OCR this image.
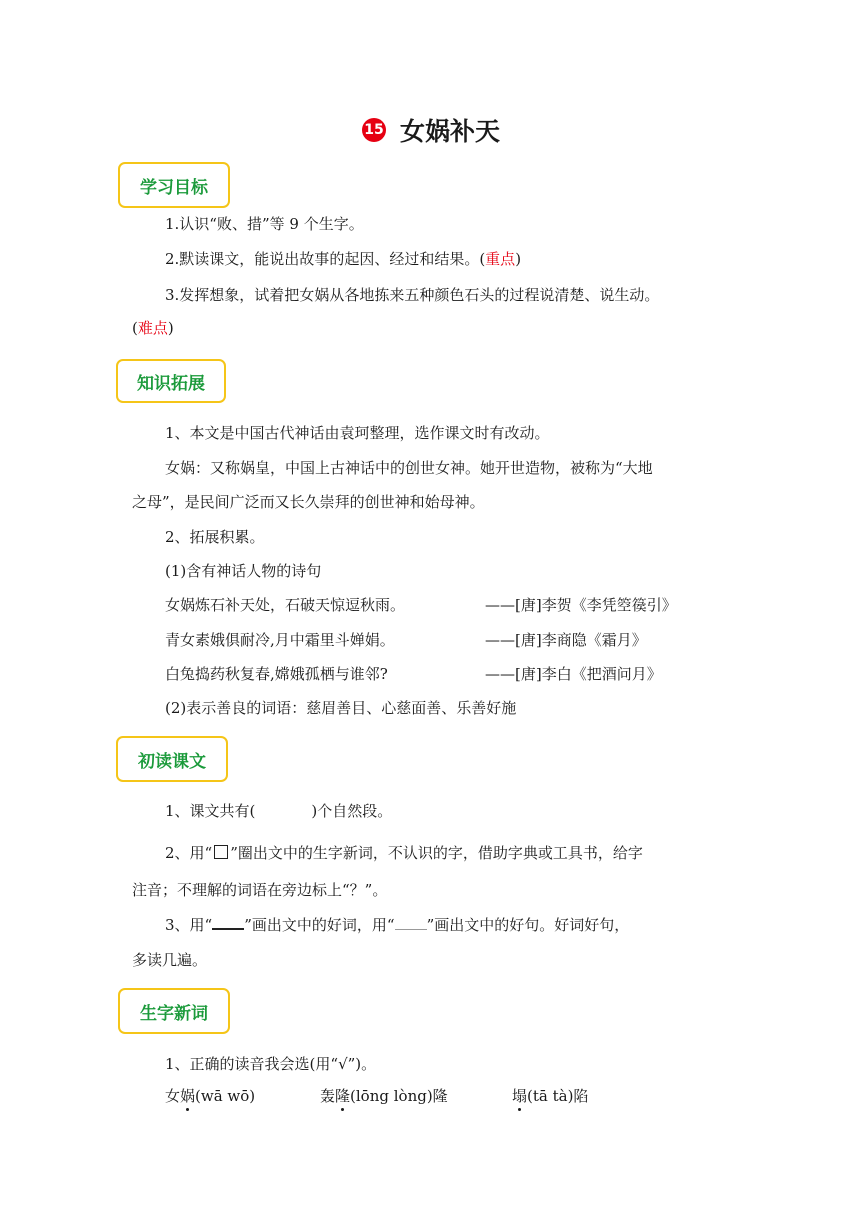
15 女娲补天
学习目标
1.认识“败、措”等 9 个生字。
2.默读课文，能说出故事的起因、经过和结果。(重点)
3.发挥想象，试着把女娲从各地拣来五种颜色石头的过程说清楚、说生动。
(难点)
知识拓展
1、本文是中国古代神话由袁珂整理，选作课文时有改动。
女娲：又称娲皇，中国上古神话中的创世女神。她开世造物，被称为“大地
之母”，是民间广泛而又长久崇拜的创世神和始母神。
2、拓展积累。
(1)含有神话人物的诗句
女娲炼石补天处，石破天惊逗秋雨。	——[唐]李贺《李凭箜篌引》
青女素娥俱耐冷,月中霜里斗婵娟。	——[唐]李商隐《霜月》
白兔捣药秋复春,嫦娥孤栖与谁邻?	——[唐]李白《把酒问月》
(2)表示善良的词语：慈眉善目、心慈面善、乐善好施
初读课文
1、课文共有(	)个自然段。
2、用“ ”圈出文中的生字新词，不认识的字，借助字典或工具书，给字
注音；不理解的词语在旁边标上“？”。
3、用“ ”画出文中的好词，用“ ”画出文中的好句。好词好句，
多读几遍。
生字新词
1、正确的读音我会选(用“√”)。
女娲(wā wō)	轰隆(lōng lòng)隆	塌(tā tà)陷
